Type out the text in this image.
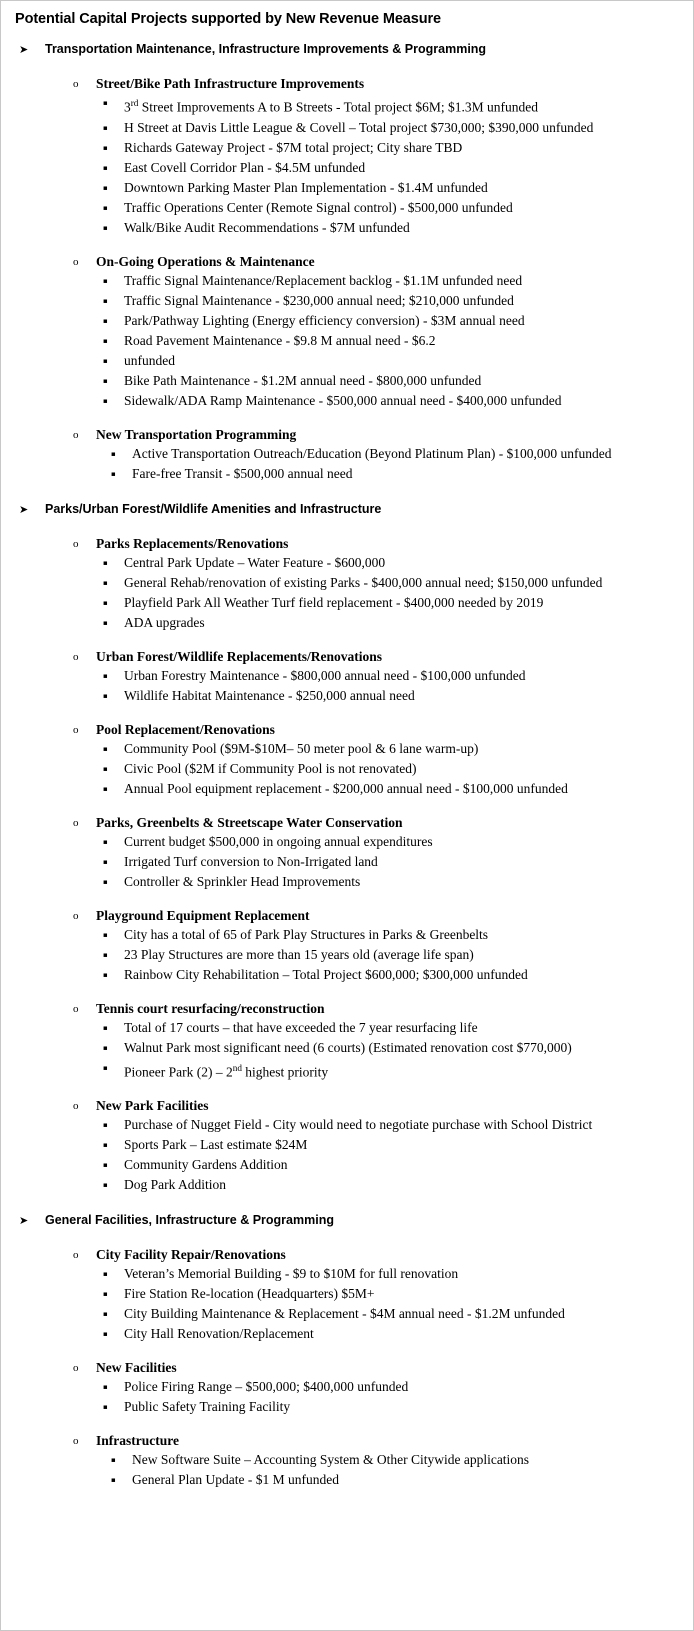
Potential Capital Projects supported by New Revenue Measure
➤	Transportation Maintenance, Infrastructure Improvements & Programming
o	Street/Bike Path Infrastructure Improvements
▪	3rd Street Improvements A to B Streets - Total project $6M; $1.3M unfunded
▪	H Street at Davis Little League & Covell – Total project $730,000; $390,000 unfunded
▪	Richards Gateway Project - $7M total project; City share TBD
▪	East Covell Corridor Plan - $4.5M unfunded
▪	Downtown Parking Master Plan Implementation - $1.4M unfunded
▪	Traffic Operations Center (Remote Signal control) - $500,000 unfunded
▪	Walk/Bike Audit Recommendations - $7M unfunded
o	On-Going Operations & Maintenance
▪	Traffic Signal Maintenance/Replacement backlog - $1.1M unfunded need
▪	Traffic Signal Maintenance - $230,000 annual need; $210,000 unfunded
▪	Park/Pathway Lighting (Energy efficiency conversion) - $3M annual need
▪	Road Pavement Maintenance - $9.8 M annual need - $6.2
▪	unfunded
▪	Bike Path Maintenance - $1.2M annual need - $800,000 unfunded
▪	Sidewalk/ADA Ramp Maintenance - $500,000 annual need - $400,000 unfunded
o	New Transportation Programming
▪	Active Transportation Outreach/Education (Beyond Platinum Plan) - $100,000 unfunded
▪	Fare-free Transit - $500,000 annual need
➤	Parks/Urban Forest/Wildlife Amenities and Infrastructure
o	Parks Replacements/Renovations
▪	Central Park Update – Water Feature - $600,000
▪	General Rehab/renovation of existing Parks - $400,000 annual need; $150,000 unfunded
▪	Playfield Park All Weather Turf field replacement - $400,000 needed by 2019
▪	ADA upgrades
o	Urban Forest/Wildlife Replacements/Renovations
▪	Urban Forestry Maintenance - $800,000 annual need - $100,000 unfunded
▪	Wildlife Habitat Maintenance - $250,000 annual need
o	Pool Replacement/Renovations
▪	Community Pool ($9M-$10M– 50 meter pool & 6 lane warm-up)
▪	Civic Pool ($2M if Community Pool is not renovated)
▪	Annual Pool equipment replacement - $200,000 annual need - $100,000 unfunded
o	Parks, Greenbelts & Streetscape Water Conservation
▪	Current budget $500,000 in ongoing annual expenditures
▪	Irrigated Turf conversion to Non-Irrigated land
▪	Controller & Sprinkler Head Improvements
o	Playground Equipment Replacement
▪	City has a total of 65 of Park Play Structures in Parks & Greenbelts
▪	23 Play Structures are more than 15 years old (average life span)
▪	Rainbow City Rehabilitation – Total Project $600,000; $300,000 unfunded
o	Tennis court resurfacing/reconstruction
▪	Total of 17 courts – that have exceeded the 7 year resurfacing life
▪	Walnut Park most significant need (6 courts) (Estimated renovation cost $770,000)
▪	Pioneer Park (2) – 2nd highest priority
o	New Park Facilities
▪	Purchase of Nugget Field - City would need to negotiate purchase with School District
▪	Sports Park – Last estimate $24M
▪	Community Gardens Addition
▪	Dog Park Addition
➤	General Facilities, Infrastructure & Programming
o	City Facility Repair/Renovations
▪	Veteran’s Memorial Building - $9 to $10M for full renovation
▪	Fire Station Re-location (Headquarters) $5M+
▪	City Building Maintenance & Replacement - $4M annual need - $1.2M unfunded
▪	City Hall Renovation/Replacement
o	New Facilities
▪	Police Firing Range – $500,000; $400,000 unfunded
▪	Public Safety Training Facility
o	Infrastructure
▪	New Software Suite – Accounting System & Other Citywide applications
▪	General Plan Update - $1 M unfunded
